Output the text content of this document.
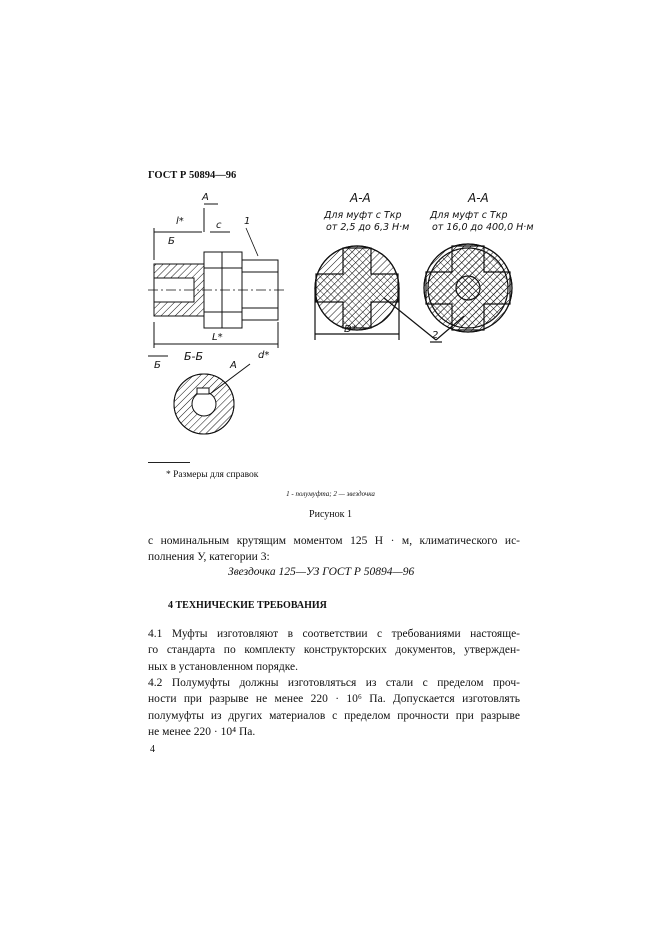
ГОСТ Р 50894—96
А
l*	c 1
Б
L*
Б
Б-Б
А
d*
А-А
Для муфт с Tкр
от 2,5 до 6,3 Н·м
D*
А-А
Для муфт с Tкр
от 16,0 до 400,0 Н·м
2
* Размеры для справок
1 - полумуфта; 2 — звездочка
Рисунок 1
с номинальным крутящим моментом 125 Н · м, климатического ис-
полнения У, категории 3:
Звездочка 125—УЗ ГОСТ Р 50894—96
4 ТЕХНИЧЕСКИЕ ТРЕБОВАНИЯ
4.1 Муфты изготовляют в соответствии с требованиями настояще-
го стандарта по комплекту конструкторских документов, утвержден-
ных в установленном порядке.
4.2 Полумуфты должны изготовляться из стали с пределом проч-
ности при разрыве не менее 220 · 10⁶ Па. Допускается изготовлять
полумуфты из других материалов с пределом прочности при разрыве
не менее 220 · 10⁴ Па.
4
